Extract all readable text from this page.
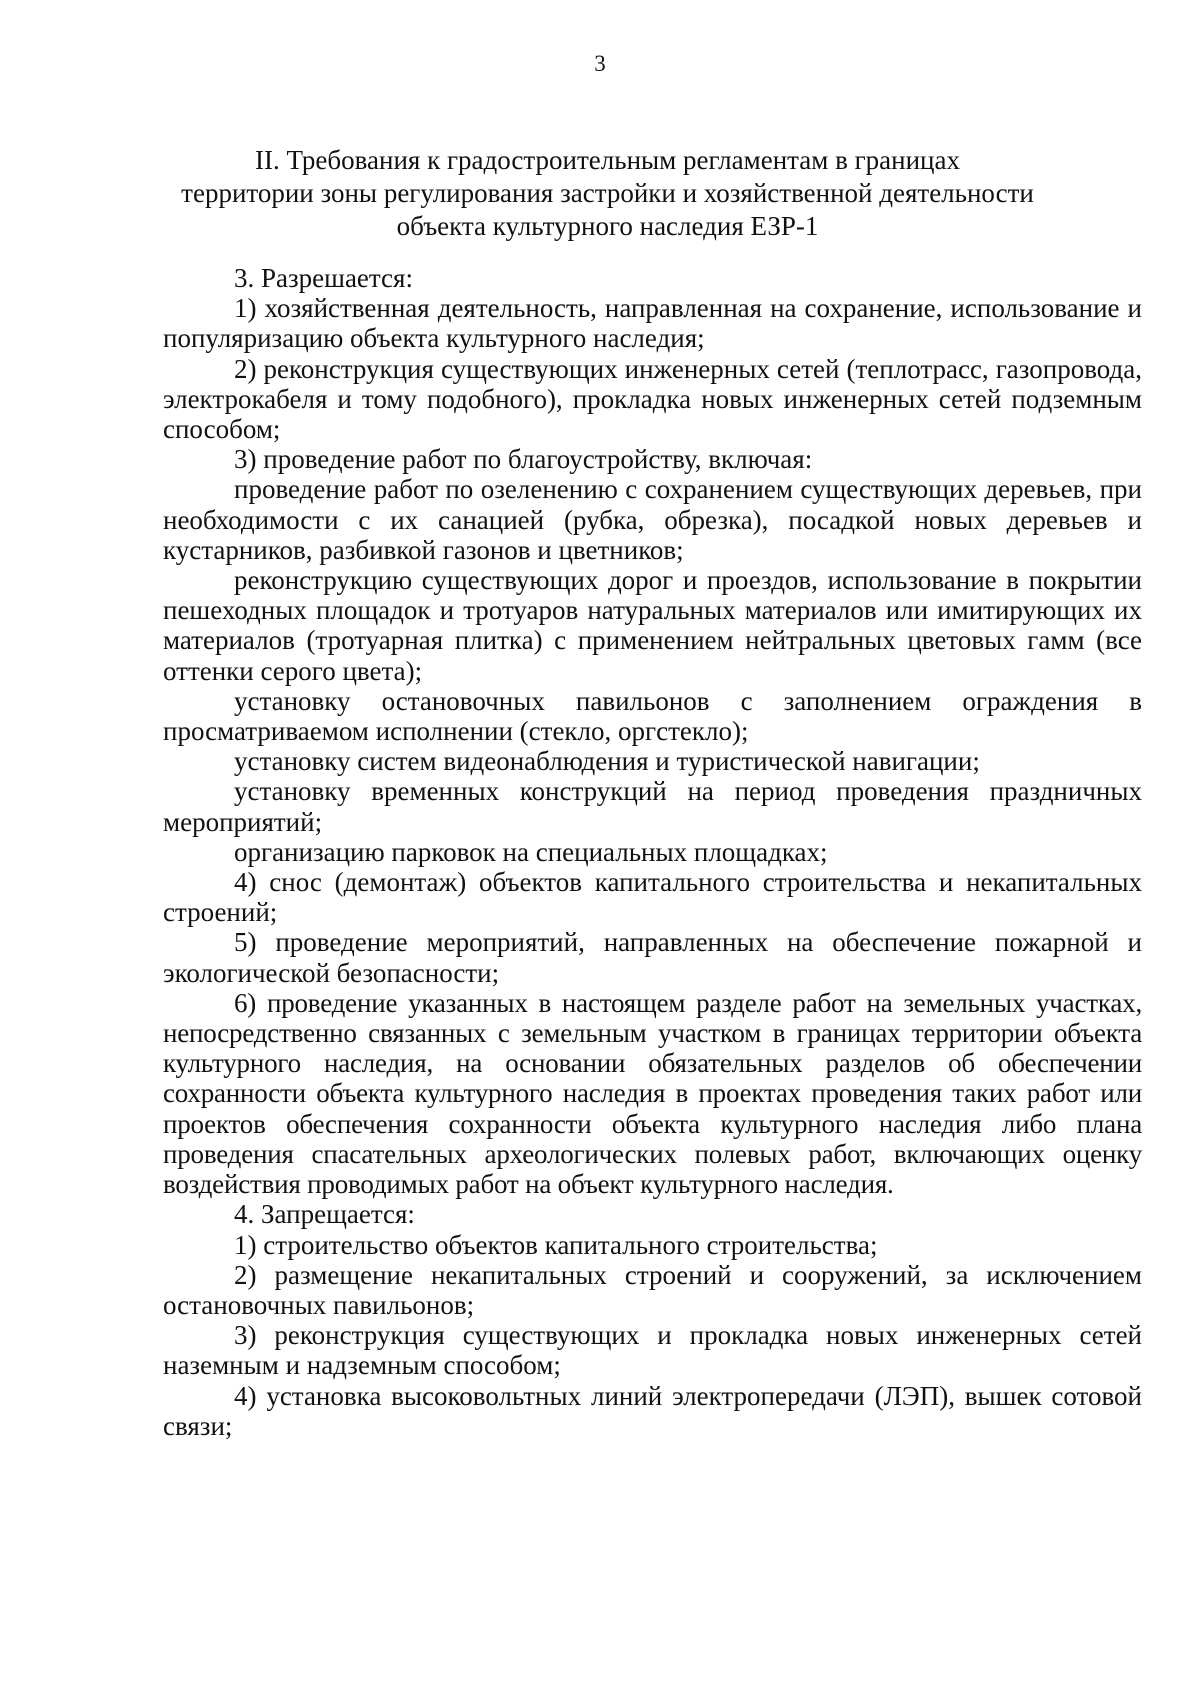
3
II. Требования к градостроительным регламентам в границах
территории зоны регулирования застройки и хозяйственной деятельности
объекта культурного наследия ЕЗР-1

3. Разрешается:

1) хозяйственная деятельность, направленная на сохранение, использование и популяризацию объекта культурного наследия;

2) реконструкция существующих инженерных сетей (теплотрасс, газопровода, электрокабеля и тому подобного), прокладка новых инженерных сетей подземным способом;

3) проведение работ по благоустройству, включая:

проведение работ по озеленению с сохранением существующих деревьев, при необходимости с их санацией (рубка, обрезка), посадкой новых деревьев и кустарников, разбивкой газонов и цветников;

реконструкцию существующих дорог и проездов, использование в покрытии пешеходных площадок и тротуаров натуральных материалов или имитирующих их материалов (тротуарная плитка) с применением нейтральных цветовых гамм (все оттенки серого цвета);

установку остановочных павильонов с заполнением ограждения в просматриваемом исполнении (стекло, оргстекло);

установку систем видеонаблюдения и туристической навигации;

установку временных конструкций на период проведения праздничных мероприятий;

организацию парковок на специальных площадках;

4) снос (демонтаж) объектов капитального строительства и некапитальных строений;

5) проведение мероприятий, направленных на обеспечение пожарной и экологической безопасности;

6) проведение указанных в настоящем разделе работ на земельных участках, непосредственно связанных с земельным участком в границах территории объекта культурного наследия, на основании обязательных разделов об обеспечении сохранности объекта культурного наследия в проектах проведения таких работ или проектов обеспечения сохранности объекта культурного наследия либо плана проведения спасательных археологических полевых работ, включающих оценку воздействия проводимых работ на объект культурного наследия.

4. Запрещается:

1) строительство объектов капитального строительства;

2) размещение некапитальных строений и сооружений, за исключением остановочных павильонов;

3) реконструкция существующих и прокладка новых инженерных сетей наземным и надземным способом;

4) установка высоковольтных линий электропередачи (ЛЭП), вышек сотовой связи;
